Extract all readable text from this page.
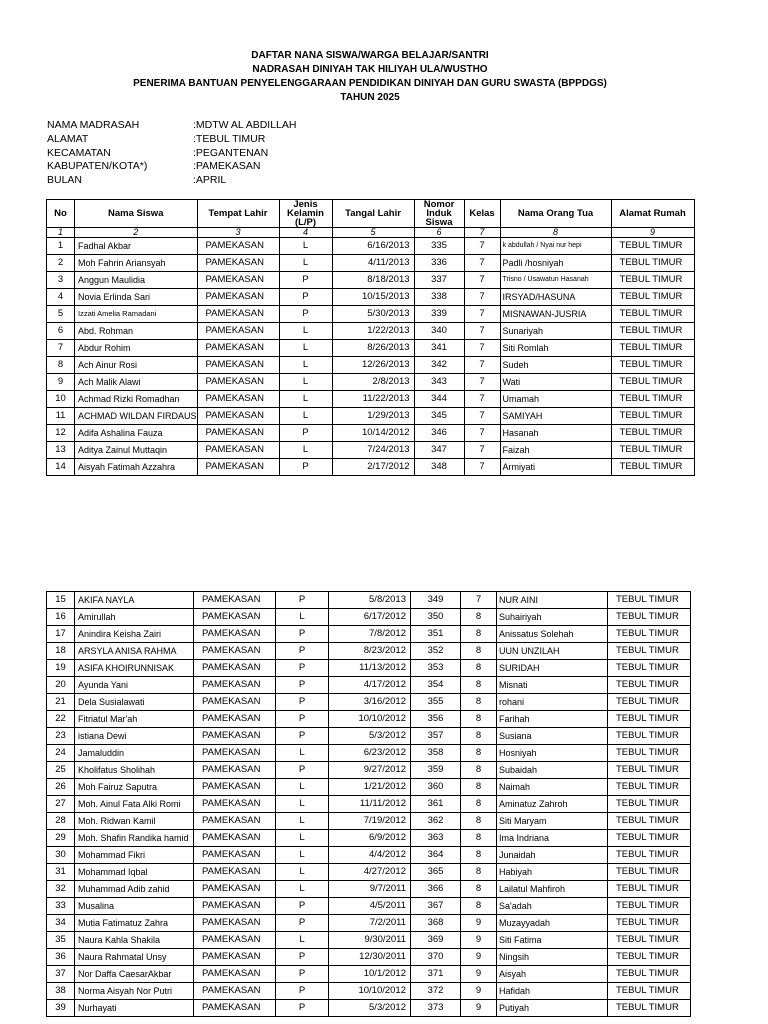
DAFTAR NANA SISWA/WARGA BELAJAR/SANTRI
NADRASAH DINIYAH TAK HILIYAH ULA/WUSTHO
PENERIMA BANTUAN PENYELENGGARAAN PENDIDIKAN DINIYAH DAN GURU SWASTA (BPPDGS)
TAHUN 2025
NAMA MADRASAH	:MDTW AL ABDILLAH
ALAMAT	:TEBUL TIMUR
KECAMATAN	:PEGANTENAN
KABUPATEN/KOTA*)	:PAMEKASAN
BULAN	:APRIL
No	Nama Siswa	Tempat Lahir	Jenis Kelamin (L/P)	Tangal Lahir	Nomor Induk Siswa	Kelas	Nama Orang Tua	Alamat Rumah
1	2	3	4	5	6	7	8	9
1	Fadhal Akbar	PAMEKASAN	L	6/16/2013	335	7	k abdullah / Nyai nur hepi	TEBUL TIMUR
2	Moh Fahrin Ariansyah	PAMEKASAN	L	4/11/2013	336	7	Padli /hosniyah	TEBUL TIMUR
3	Anggun Maulidia	PAMEKASAN	P	8/18/2013	337	7	Trisno / Usawatun Hasanah	TEBUL TIMUR
4	Novia Erlinda Sari	PAMEKASAN	P	10/15/2013	338	7	IRSYAD/HASUNA	TEBUL TIMUR
5	Izzati Amelia Ramadani	PAMEKASAN	P	5/30/2013	339	7	MISNAWAN-JUSRIA	TEBUL TIMUR
6	Abd. Rohman	PAMEKASAN	L	1/22/2013	340	7	Sunariyah	TEBUL TIMUR
7	Abdur Rohim	PAMEKASAN	L	8/26/2013	341	7	Siti Romlah	TEBUL TIMUR
8	Ach Ainur Rosi	PAMEKASAN	L	12/26/2013	342	7	Sudeh	TEBUL TIMUR
9	Ach Malik Alawi	PAMEKASAN	L	2/8/2013	343	7	Wati	TEBUL TIMUR
10	Achmad Rizki Romadhan	PAMEKASAN	L	11/22/2013	344	7	Umamah	TEBUL TIMUR
11	ACHMAD WILDAN FIRDAUS	PAMEKASAN	L	1/29/2013	345	7	SAMIYAH	TEBUL TIMUR
12	Adifa Ashalina Fauza	PAMEKASAN	P	10/14/2012	346	7	Hasanah	TEBUL TIMUR
13	Aditya Zainul Muttaqin	PAMEKASAN	L	7/24/2013	347	7	Faizah	TEBUL TIMUR
14	Aisyah Fatimah Azzahra	PAMEKASAN	P	2/17/2012	348	7	Armiyati	TEBUL TIMUR
15	AKIFA NAYLA	PAMEKASAN	P	5/8/2013	349	7	NUR AINI	TEBUL TIMUR
16	Amirullah	PAMEKASAN	L	6/17/2012	350	8	Suhairiyah	TEBUL TIMUR
17	Anindira Keisha Zairi	PAMEKASAN	P	7/8/2012	351	8	Anissatus Solehah	TEBUL TIMUR
18	ARSYLA ANISA RAHMA	PAMEKASAN	P	8/23/2012	352	8	UUN UNZILAH	TEBUL TIMUR
19	ASIFA KHOIRUNNISAK	PAMEKASAN	P	11/13/2012	353	8	SURIDAH	TEBUL TIMUR
20	Ayunda Yani	PAMEKASAN	P	4/17/2012	354	8	Misnati	TEBUL TIMUR
21	Dela Susialawati	PAMEKASAN	P	3/16/2012	355	8	rohani	TEBUL TIMUR
22	Fitriatul Mar'ah	PAMEKASAN	P	10/10/2012	356	8	Farihah	TEBUL TIMUR
23	istiana Dewi	PAMEKASAN	P	5/3/2012	357	8	Susiana	TEBUL TIMUR
24	Jamaluddin	PAMEKASAN	L	6/23/2012	358	8	Hosniyah	TEBUL TIMUR
25	Kholifatus Sholihah	PAMEKASAN	P	9/27/2012	359	8	Subaidah	TEBUL TIMUR
26	Moh Fairuz Saputra	PAMEKASAN	L	1/21/2012	360	8	Naimah	TEBUL TIMUR
27	Moh. Ainul Fata Alki Romi	PAMEKASAN	L	11/11/2012	361	8	Aminatuz Zahroh	TEBUL TIMUR
28	Moh. Ridwan Kamil	PAMEKASAN	L	7/19/2012	362	8	Siti Maryam	TEBUL TIMUR
29	Moh. Shafin Randika hamid	PAMEKASAN	L	6/9/2012	363	8	Ima Indriana	TEBUL TIMUR
30	Mohammad Fikri	PAMEKASAN	L	4/4/2012	364	8	Junaidah	TEBUL TIMUR
31	Mohammad Iqbal	PAMEKASAN	L	4/27/2012	365	8	Habiyah	TEBUL TIMUR
32	Muhammad Adib zahid	PAMEKASAN	L	9/7/2011	366	8	Lailatul Mahfiroh	TEBUL TIMUR
33	Musalina	PAMEKASAN	P	4/5/2011	367	8	Sa'adah	TEBUL TIMUR
34	Mutia Fatimatuz Zahra	PAMEKASAN	P	7/2/2011	368	9	Muzayyadah	TEBUL TIMUR
35	Naura Kahla Shakila	PAMEKASAN	L	9/30/2011	369	9	Siti Fatima	TEBUL TIMUR
36	Naura Rahmatal Unsy	PAMEKASAN	P	12/30/2011	370	9	Ningsih	TEBUL TIMUR
37	Nor Daffa CaesarAkbar	PAMEKASAN	P	10/1/2012	371	9	Aisyah	TEBUL TIMUR
38	Norma Aisyah Nor Putri	PAMEKASAN	P	10/10/2012	372	9	Hafidah	TEBUL TIMUR
39	Nurhayati	PAMEKASAN	P	5/3/2012	373	9	Putiyah	TEBUL TIMUR
